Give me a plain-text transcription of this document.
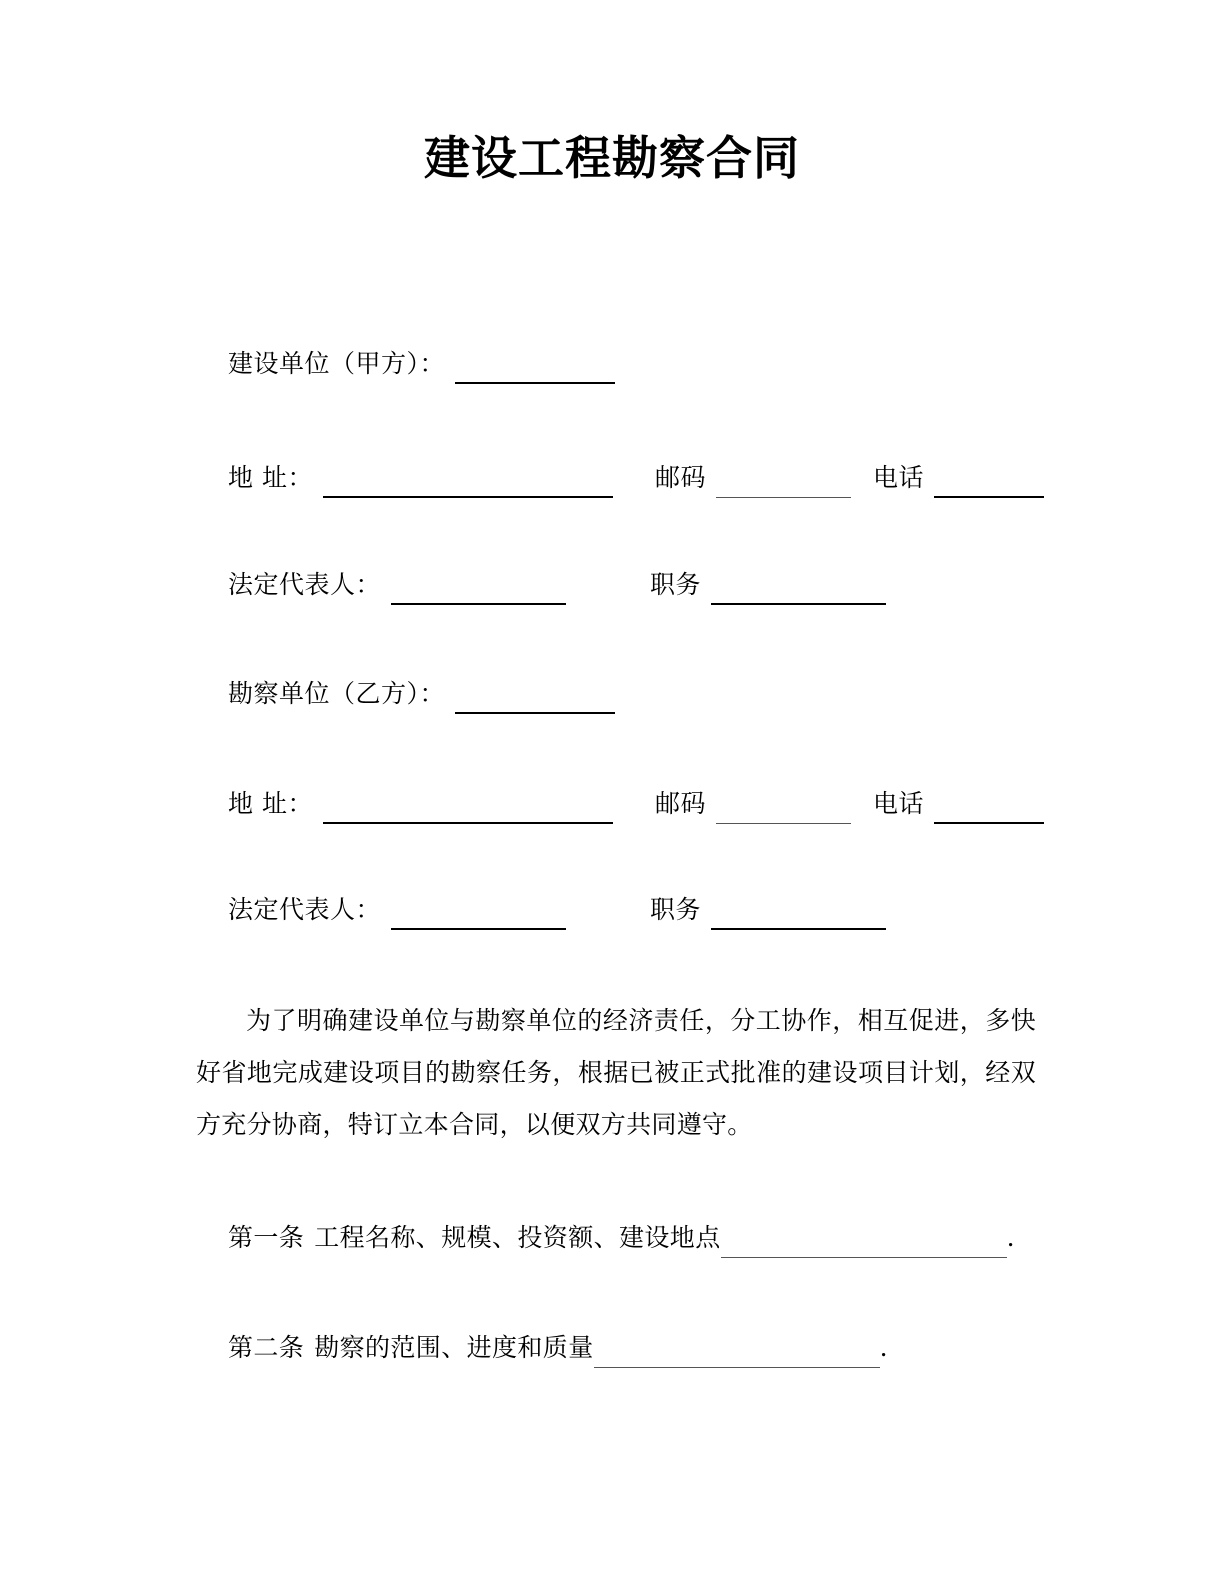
建设工程勘察合同
建设单位（甲方）：
地 址：	邮码	电话
法定代表人：	职务
勘察单位（乙方）：
地 址：	邮码	电话
法定代表人：	职务
为了明确建设单位与勘察单位的经济责任，分工协作，相互促进，多快好省地完成建设项目的勘察任务，根据已被正式批准的建设项目计划，经双方充分协商，特订立本合同，以便双方共同遵守。
第一条 工程名称、规模、投资额、建设地点	.
第二条 勘察的范围、进度和质量	.
